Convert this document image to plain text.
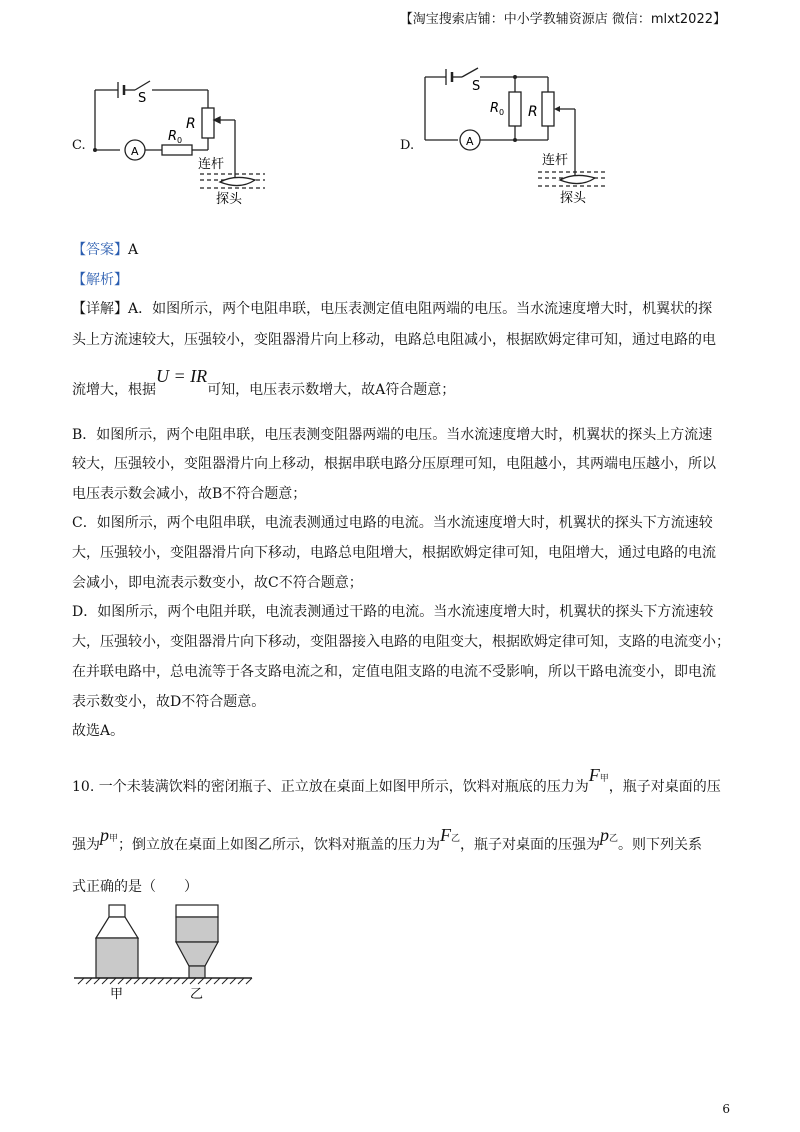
【淘宝搜索店铺：中小学教辅资源店 微信：mlxt2022】
C.	A
S
R
R 0
连杆
探头
D.	A
S
R 0 R
连杆
探头
【答案】A
【解析】
【详解】A．如图所示，两个电阻串联，电压表测定值电阻两端的电压。当水流速度增大时，机翼状的探
头上方流速较大，压强较小，变阻器滑片向上移动，电路总电阻减小，根据欧姆定律可知，通过电路的电
流增大，根据U = IR可知，电压表示数增大，故A符合题意；
B．如图所示，两个电阻串联，电压表测变阻器两端的电压。当水流速度增大时，机翼状的探头上方流速
较大，压强较小，变阻器滑片向上移动，根据串联电路分压原理可知，电阻越小，其两端电压越小，所以
电压表示数会减小，故B不符合题意；
C．如图所示，两个电阻串联，电流表测通过电路的电流。当水流速度增大时，机翼状的探头下方流速较
大，压强较小，变阻器滑片向下移动，电路总电阻增大，根据欧姆定律可知，电阻增大，通过电路的电流
会减小，即电流表示数变小，故C不符合题意；
D．如图所示，两个电阻并联，电流表测通过干路的电流。当水流速度增大时，机翼状的探头下方流速较
大，压强较小，变阻器滑片向下移动，变阻器接入电路的电阻变大，根据欧姆定律可知，支路的电流变小；
在并联电路中，总电流等于各支路电流之和，定值电阻支路的电流不受影响，所以干路电流变小，即电流
表示数变小，故D不符合题意。
故选A。
10. 一个未装满饮料的密闭瓶子、正立放在桌面上如图甲所示，饮料对瓶底的压力为F甲，瓶子对桌面的压
强为p甲；倒立放在桌面上如图乙所示，饮料对瓶盖的压力为F乙，瓶子对桌面的压强为p乙。则下列关系
式正确的是（　　）
甲	乙
6
